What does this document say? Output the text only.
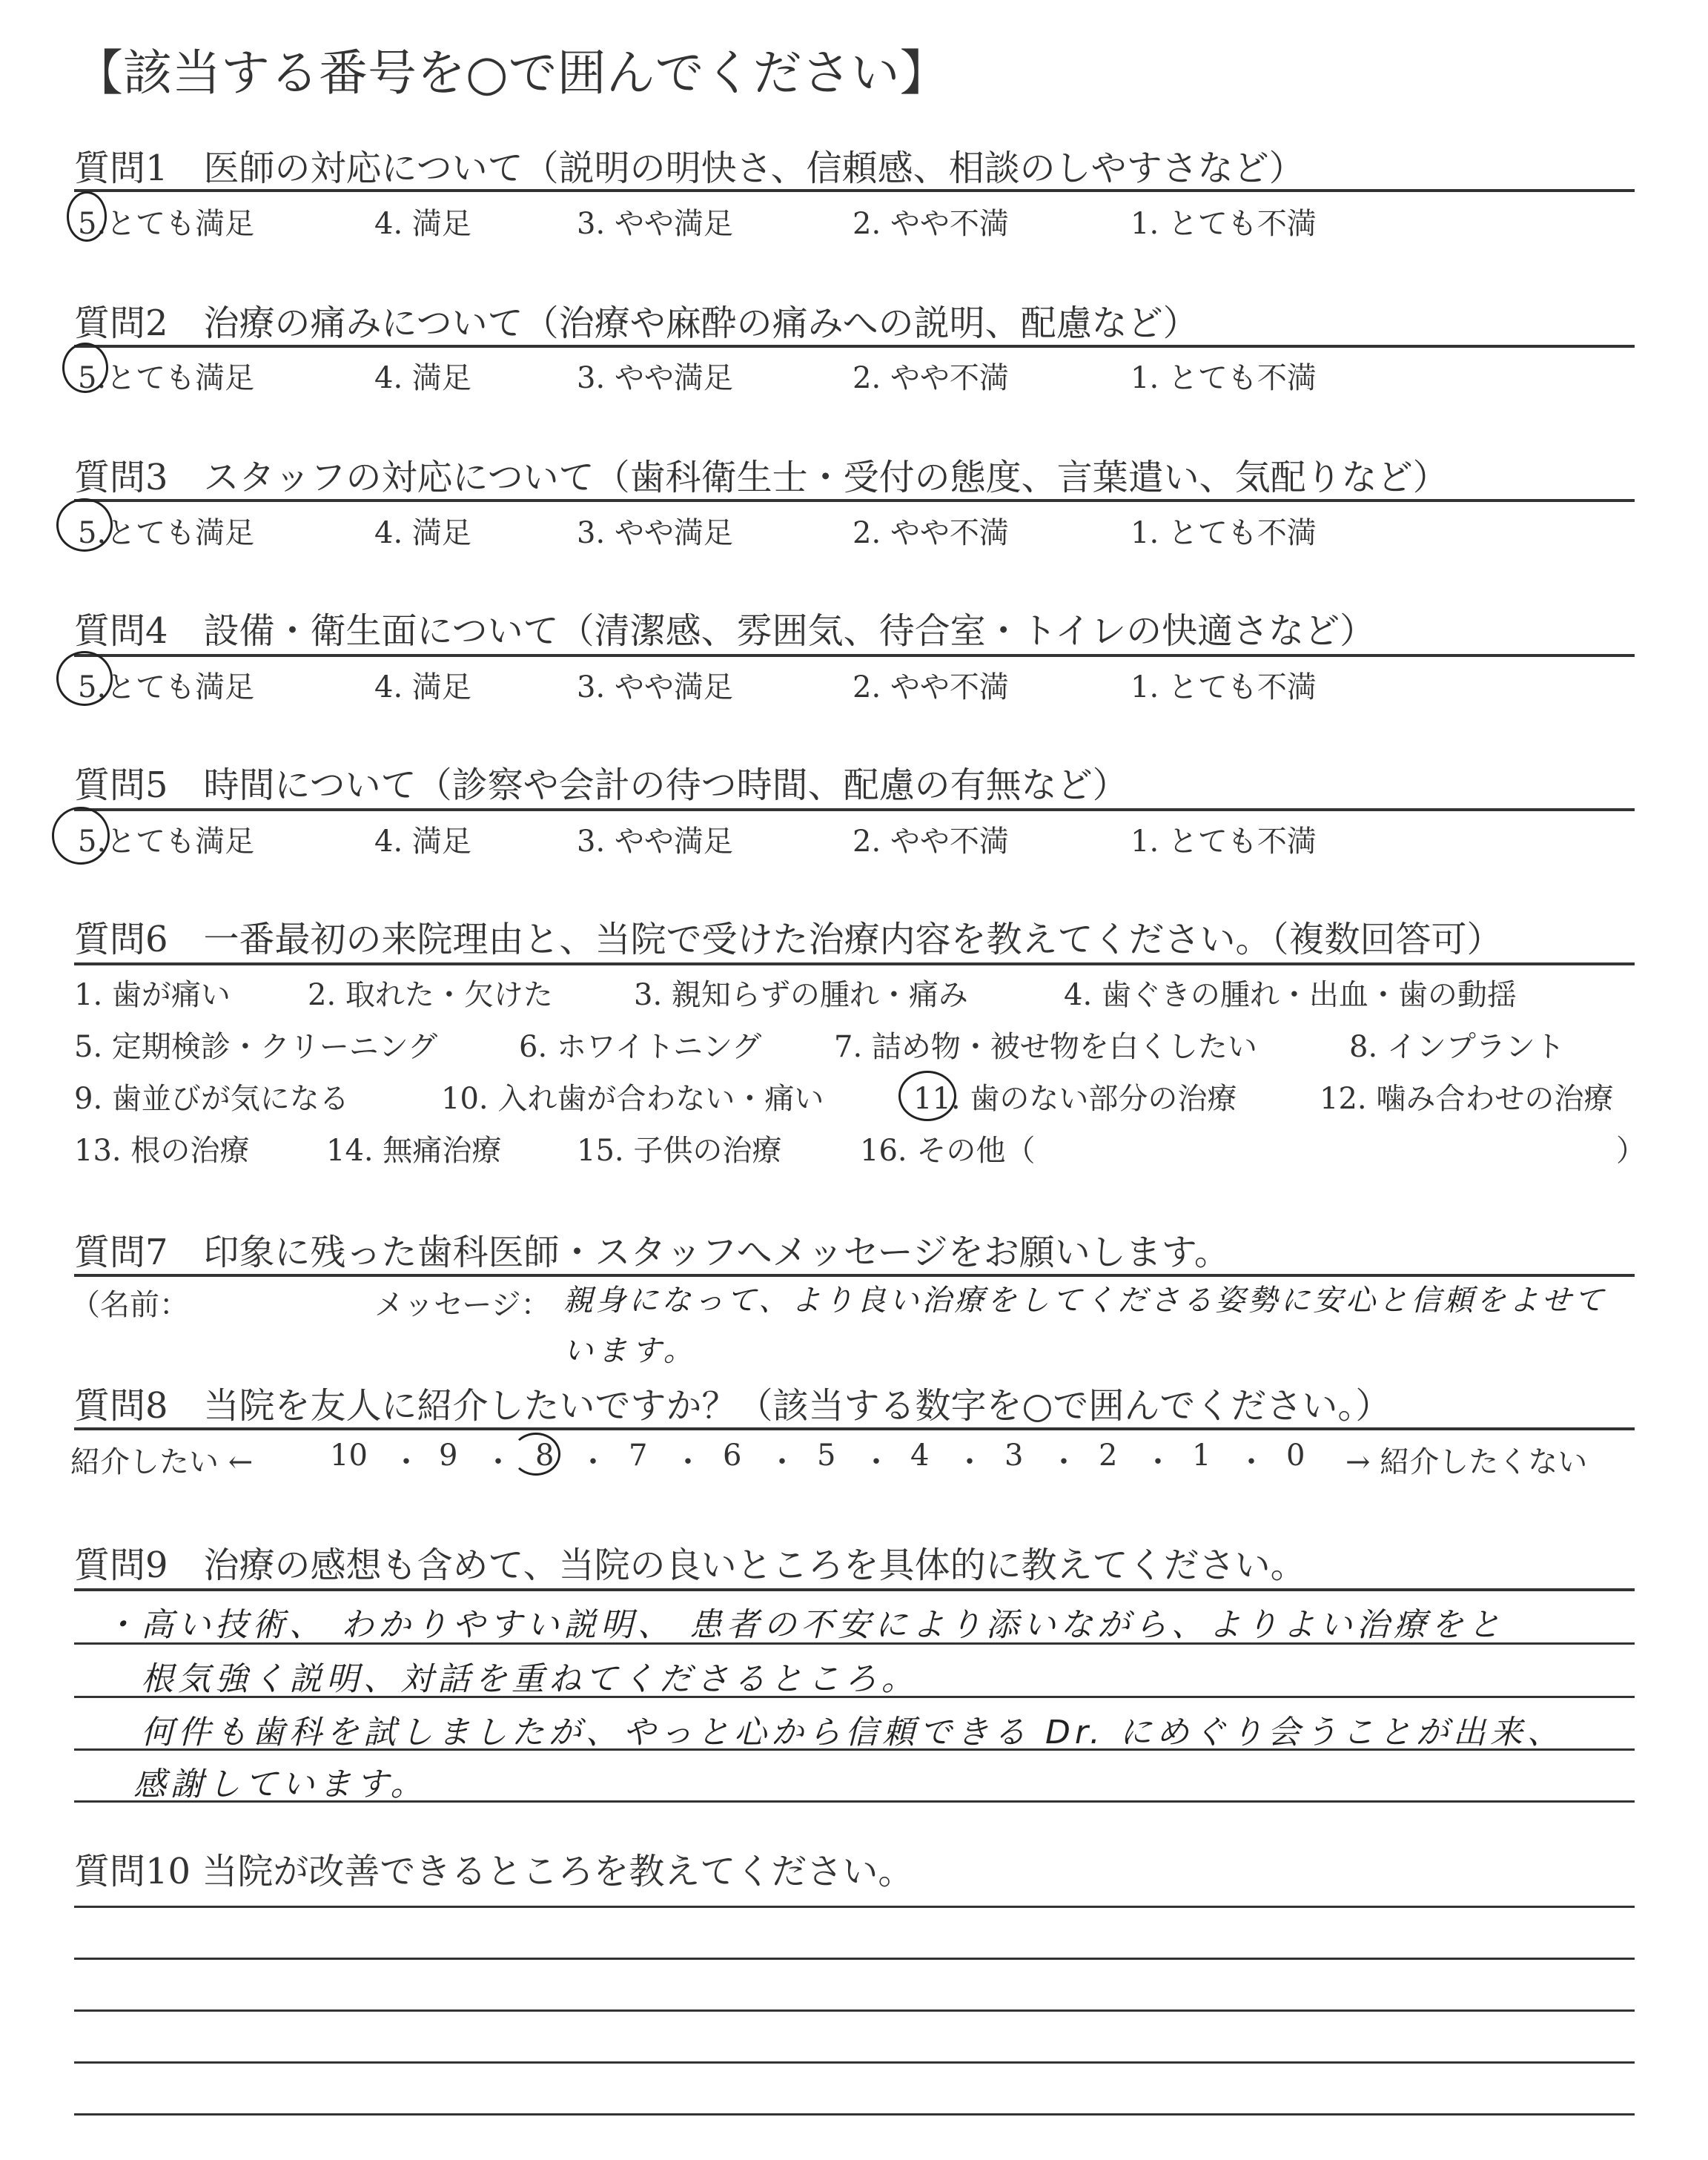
【該当する番号を○で囲んでください】
質問1　医師の対応について（説明の明快さ、信頼感、相談のしやすさなど）
5.とても満足	4. 満足	3. やや満足	2. やや不満	1. とても不満
質問2　治療の痛みについて（治療や麻酔の痛みへの説明、配慮など）
5.とても満足	4. 満足	3. やや満足	2. やや不満	1. とても不満
質問3　スタッフの対応について（歯科衛生士・受付の態度、言葉遣い、気配りなど）
5.とても満足	4. 満足	3. やや満足	2. やや不満	1. とても不満
質問4　設備・衛生面について（清潔感、雰囲気、待合室・トイレの快適さなど）
5.とても満足	4. 満足	3. やや満足	2. やや不満	1. とても不満
質問5　時間について（診察や会計の待つ時間、配慮の有無など）
5.とても満足	4. 満足	3. やや満足	2. やや不満	1. とても不満
質問6　一番最初の来院理由と、当院で受けた治療内容を教えてください。（複数回答可）
1. 歯が痛い	2. 取れた・欠けた	3. 親知らずの腫れ・痛み	4. 歯ぐきの腫れ・出血・歯の動揺
5. 定期検診・クリーニング	6. ホワイトニング 7. 詰め物・被せ物を白くしたい	8. インプラント
9. 歯並びが気になる	10. 入れ歯が合わない・痛い	11. 歯のない部分の治療	12. 噛み合わせの治療
13. 根の治療	14. 無痛治療	15. 子供の治療	16. その他（	）
質問7　印象に残った歯科医師・スタッフへメッセージをお願いします。
（名前：	メッセージ： 親身になって、より良い治療をしてくださる姿勢に安心と信頼をよせて
います。
質問8　当院を友人に紹介したいですか？（該当する数字を○で囲んでください。）
紹介したい ←	10 ・ 9 ・ 8 ・ 7 ・ 6 ・ 5 ・ 4 ・ 3 ・ 2 ・ 1 ・ 0 → 紹介したくない
質問9　治療の感想も含めて、当院の良いところを具体的に教えてください。
・高い技術、 わかりやすい説明、 患者の不安により添いながら、よりよい治療をと
根気強く説明、対話を重ねてくださるところ。
何件も歯科を試しましたが、やっと心から信頼できる Dr. にめぐり会うことが出来、
感謝しています。
質問10 当院が改善できるところを教えてください。
